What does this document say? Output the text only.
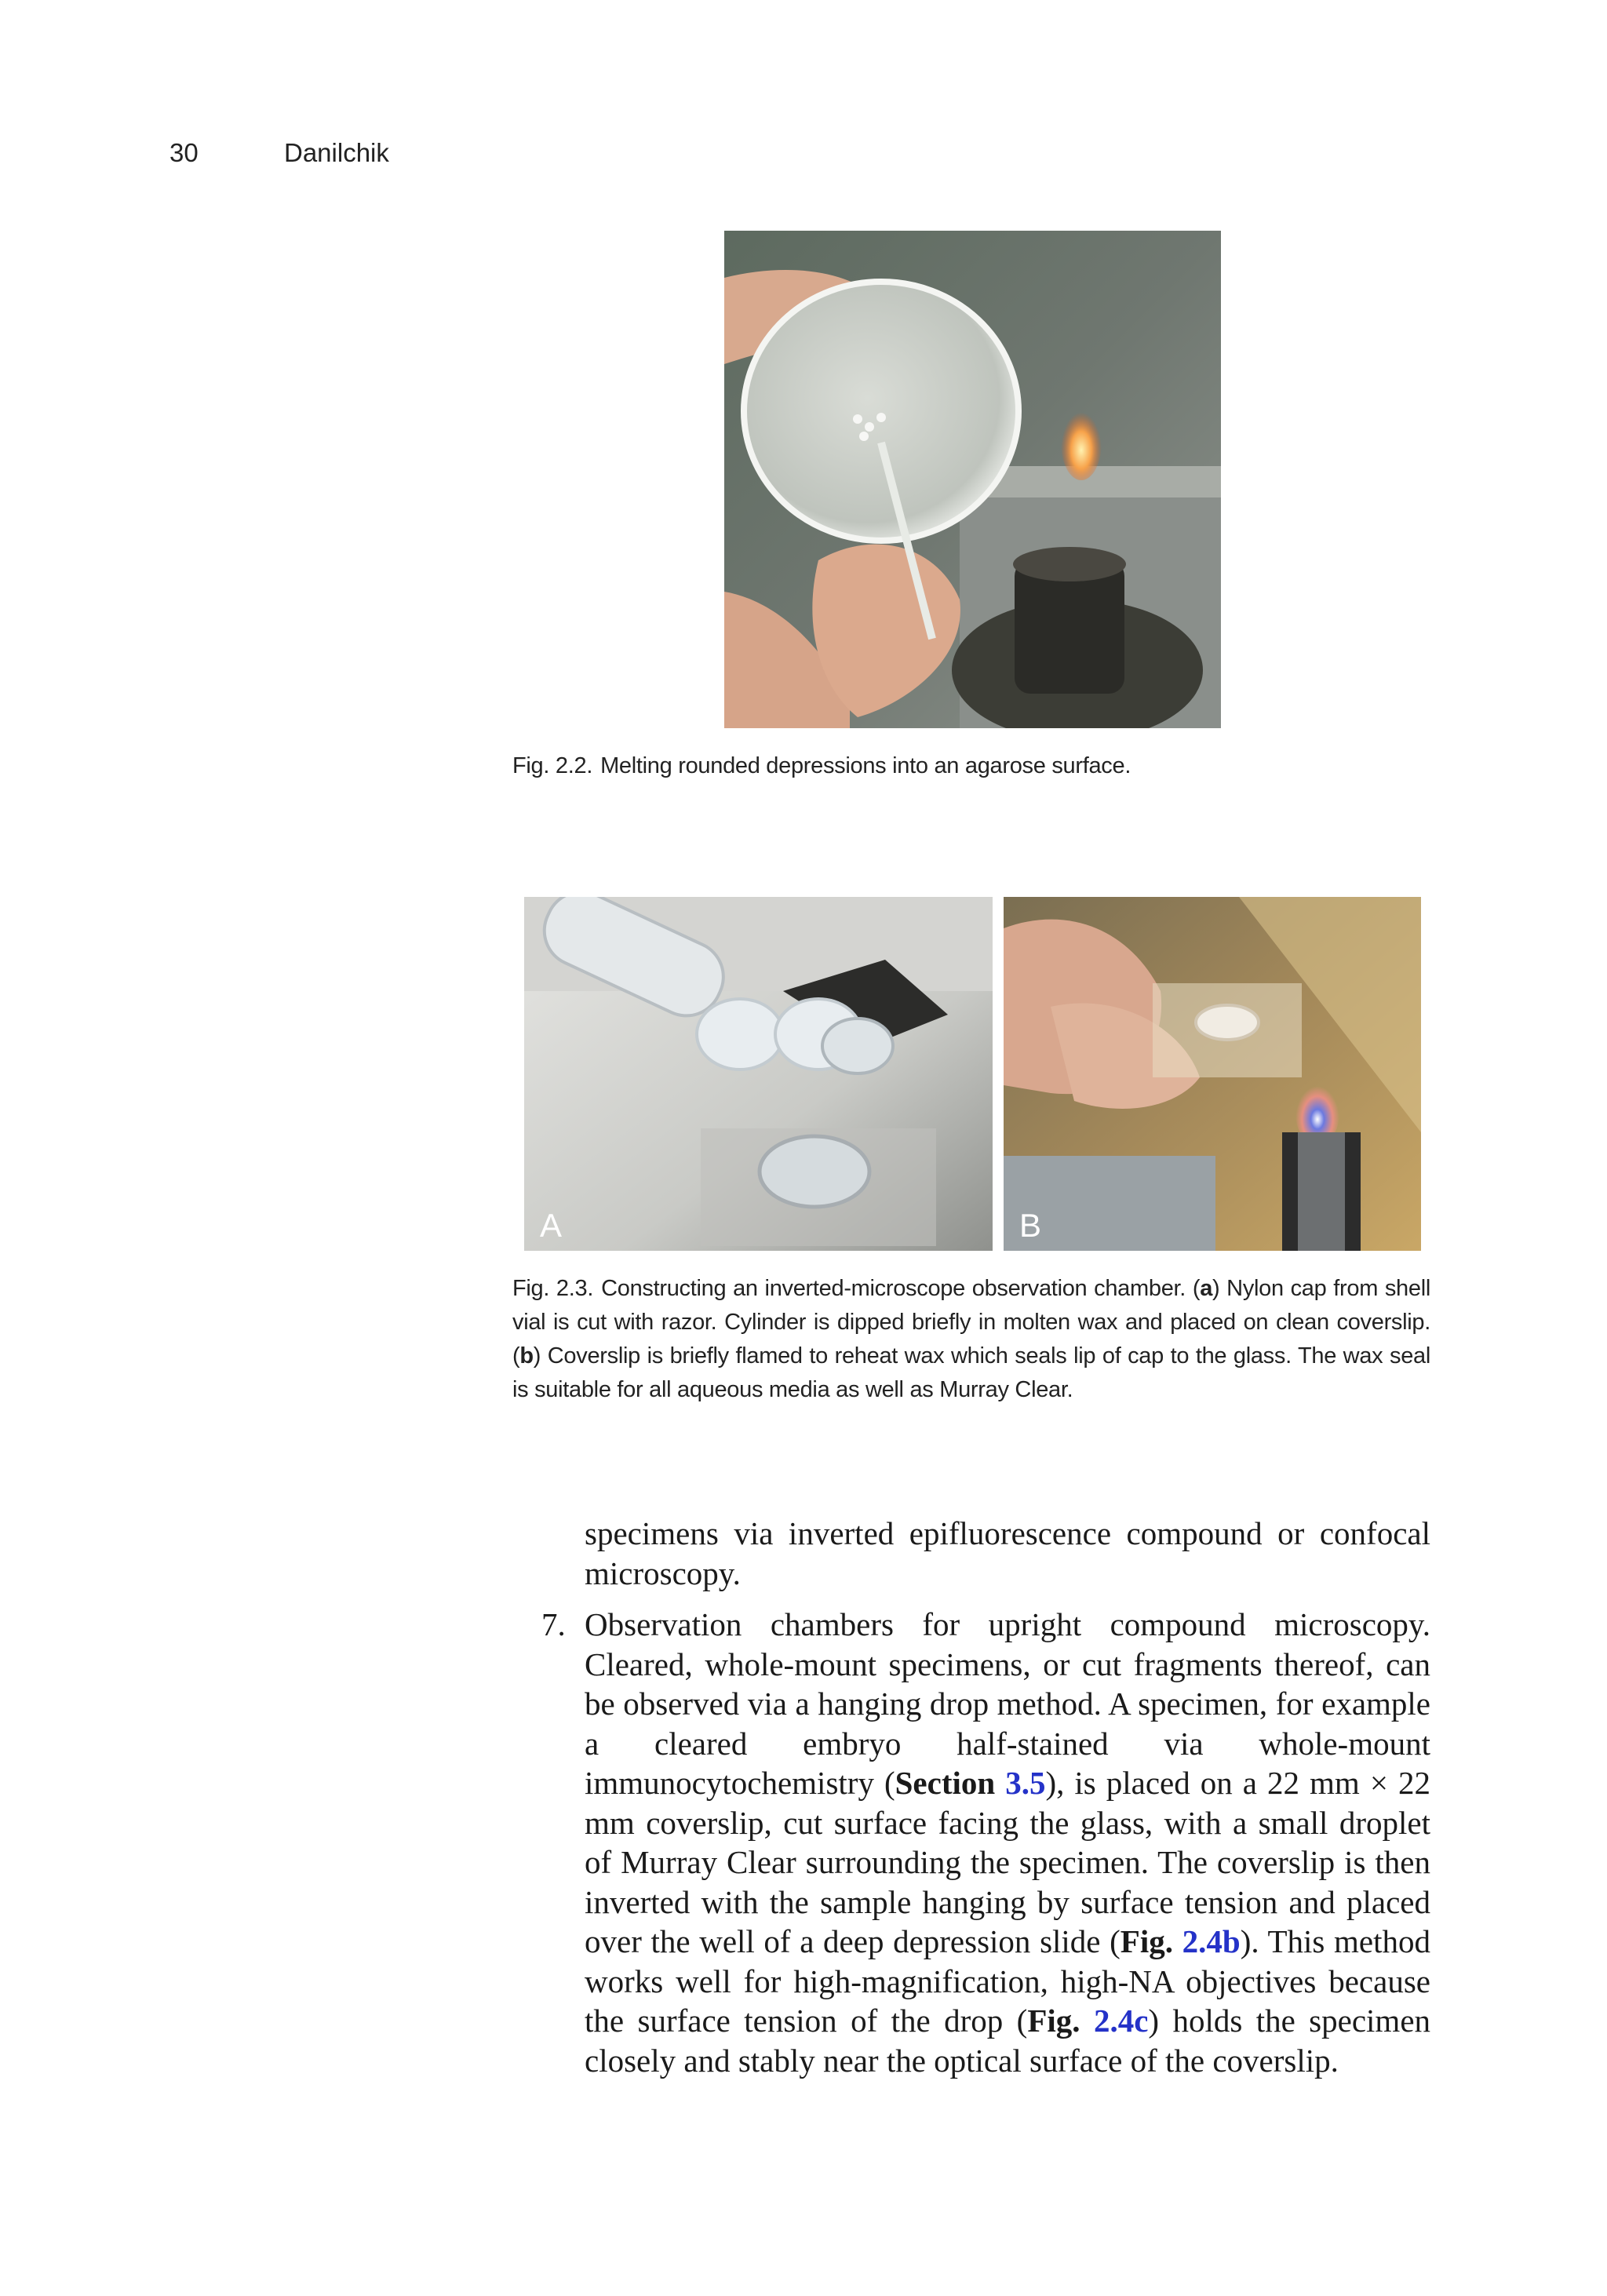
30	Danilchik
Fig. 2.2. Melting rounded depressions into an agarose surface.
A	B
Fig. 2.3. Constructing an inverted-microscope observation chamber. (a) Nylon cap from shell vial is cut with razor. Cylinder is dipped briefly in molten wax and placed on clean coverslip. (b) Coverslip is briefly flamed to reheat wax which seals lip of cap to the glass. The wax seal is suitable for all aqueous media as well as Murray Clear.
specimens via inverted epifluorescence compound or confocal microscopy.
7. Observation chambers for upright compound microscopy. Cleared, whole-mount specimens, or cut fragments thereof, can be observed via a hanging drop method. A specimen, for example a cleared embryo half-stained via whole-mount immunocytochemistry (Section 3.5), is placed on a 22 mm × 22 mm coverslip, cut surface facing the glass, with a small droplet of Murray Clear surrounding the specimen. The coverslip is then inverted with the sample hanging by surface tension and placed over the well of a deep depression slide (Fig. 2.4b). This method works well for high-magnification, high-NA objectives because the surface tension of the drop (Fig. 2.4c) holds the specimen closely and stably near the optical surface of the coverslip.
